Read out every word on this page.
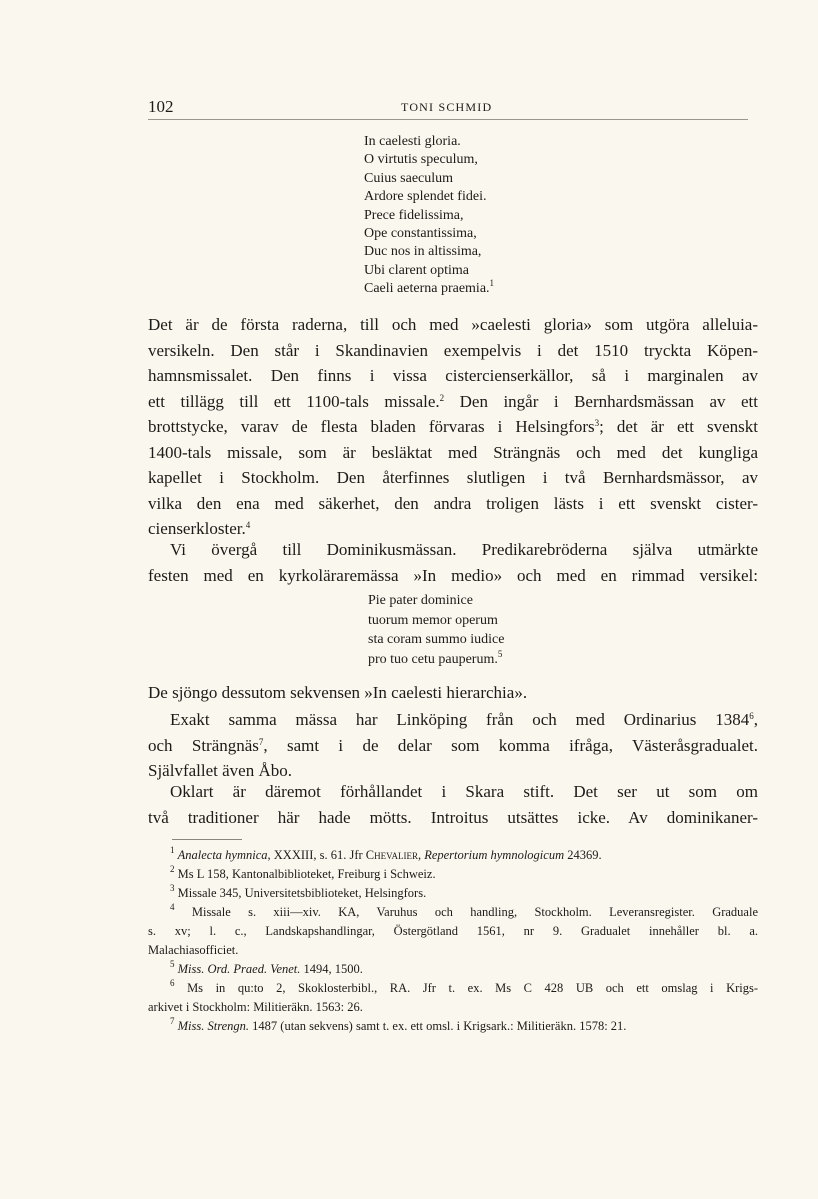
102	TONI SCHMID
In caelesti gloria.
O virtutis speculum,
Cuius saeculum
Ardore splendet fidei.
Prece fidelissima,
Ope constantissima,
Duc nos in altissima,
Ubi clarent optima
Caeli aeterna praemia.$^1$
Det är de första raderna, till och med »caelesti gloria» som utgöra alleluia-
versikeln. Den står i Skandinavien exempelvis i det 1510 tryckta Köpen-
hamnsmissalet. Den finns i vissa cistercienserkällor, så i marginalen av
ett tillägg till ett 1100-tals missale.$^2$ Den ingår i Bernhardsmässan av ett
brottstycke, varav de flesta bladen förvaras i Helsingfors$^3$; det är ett svenskt
1400-tals missale, som är besläktat med Strängnäs och med det kungliga
kapellet i Stockholm. Den återfinnes slutligen i två Bernhardsmässor, av
vilka den ena med säkerhet, den andra troligen lästs i ett svenskt cister-
cienserkloster.$^4$
Vi övergå till Dominikusmässan. Predikarebröderna själva utmärkte
festen med en kyrkoläraremässa »In medio» och med en rimmad versikel:
Pie pater dominice
tuorum memor operum
sta coram summo iudice
pro tuo cetu pauperum.$^5$
De sjöngo dessutom sekvensen »In caelesti hierarchia».
Exakt samma mässa har Linköping från och med Ordinarius 1384$^6$,
och Strängnäs$^7$, samt i de delar som komma ifråga, Västeråsgradualet.
Självfallet även Åbo.
Oklart är däremot förhållandet i Skara stift. Det ser ut som om
två traditioner här hade mötts. Introitus utsättes icke. Av dominikaner-
$^1$ Analecta hymnica, XXXIII, s. 61. Jfr Chevalier, Repertorium hymnologicum 24369.
$^2$ Ms L 158, Kantonalbiblioteket, Freiburg i Schweiz.
$^3$ Missale 345, Universitetsbiblioteket, Helsingfors.
$^4$ Missale s. xiii—xiv. KA, Varuhus och handling, Stockholm. Leveransregister. Graduale
s. xv; l. c., Landskapshandlingar, Östergötland 1561, nr 9. Gradualet innehåller bl. a.
Malachiasofficiet.
$^5$ Miss. Ord. Praed. Venet. 1494, 1500.
$^6$ Ms in qu:to 2, Skoklosterbibl., RA. Jfr t. ex. Ms C 428 UB och ett omslag i Krigs-
arkivet i Stockholm: Militieräkn. 1563: 26.
$^7$ Miss. Strengn. 1487 (utan sekvens) samt t. ex. ett omsl. i Krigsark.: Militieräkn. 1578: 21.
